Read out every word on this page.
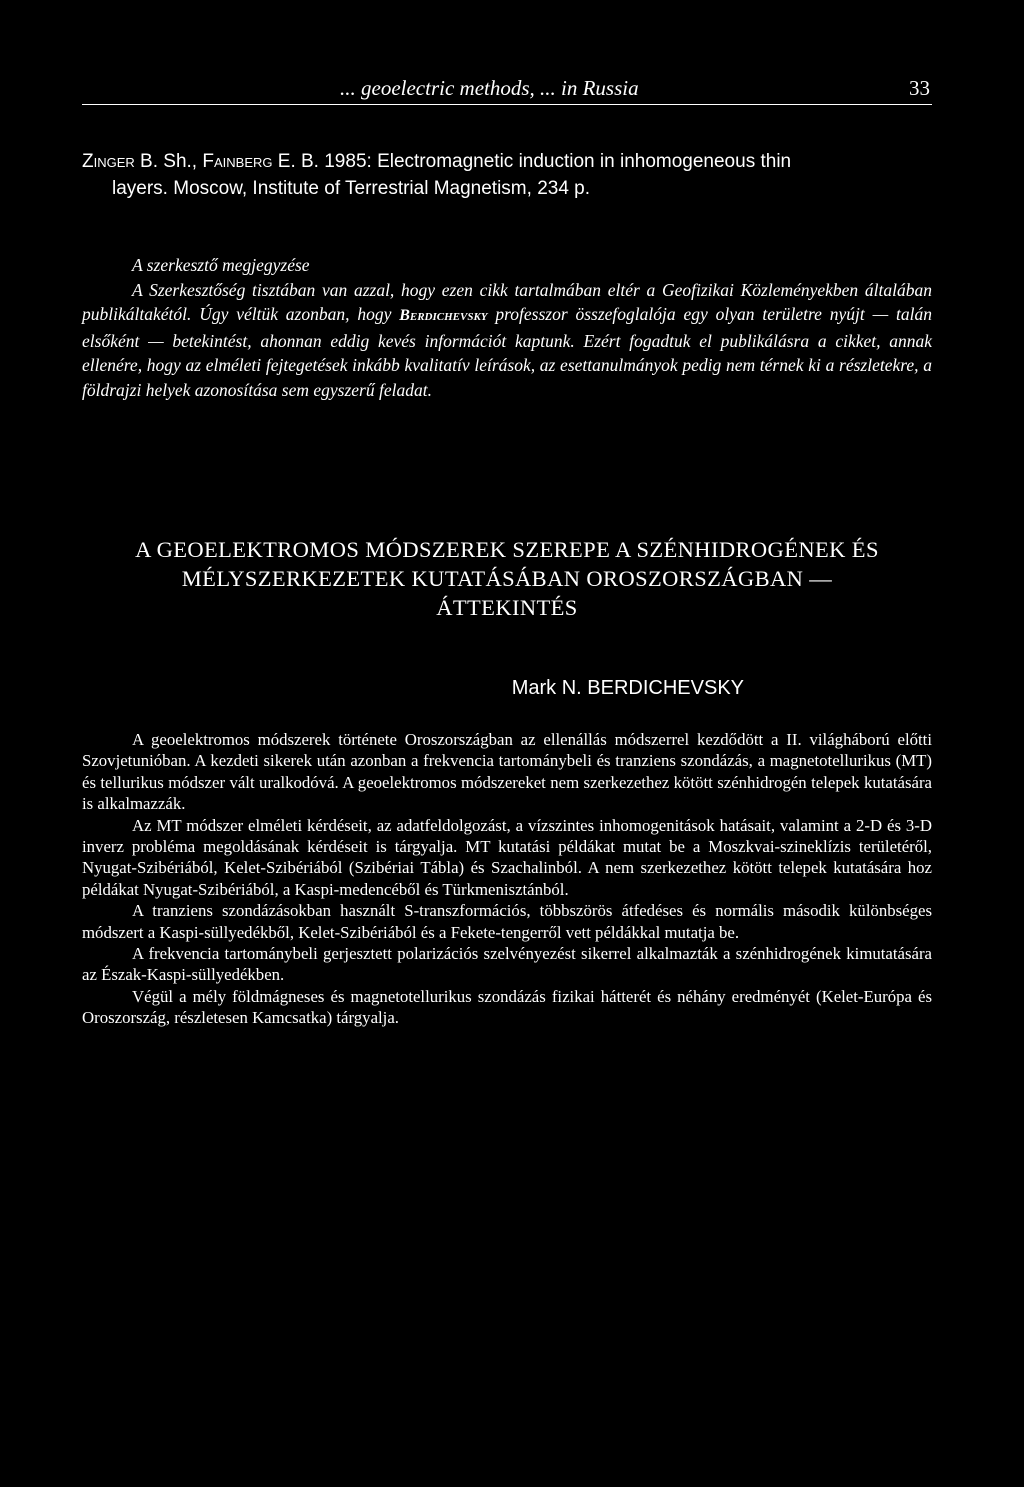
... geoelectric methods, ... in Russia	33
Zinger B. Sh., Fainberg E. B. 1985: Electromagnetic induction in inhomogeneous thin
layers. Moscow, Institute of Terrestrial Magnetism, 234 p.
A szerkesztő megjegyzése

A Szerkesztőség tisztában van azzal, hogy ezen cikk tartalmában eltér a Geofizikai Közleményekben általában publikáltakétól. Úgy véltük azonban, hogy Berdichevsky professzor összefoglalója egy olyan területre nyújt — talán elsőként — betekintést, ahonnan eddig kevés információt kaptunk. Ezért fogadtuk el publikálásra a cikket, annak ellenére, hogy az elméleti fejtegetések inkább kvalitatív leírások, az esettanulmányok pedig nem térnek ki a részletekre, a földrajzi helyek azonosítása sem egyszerű feladat.

A GEOELEKTROMOS MÓDSZEREK SZEREPE A SZÉNHIDROGÉNEK ÉS
MÉLYSZERKEZETEK KUTATÁSÁBAN OROSZORSZÁGBAN —
ÁTTEKINTÉS
Mark N. BERDICHEVSKY

A geoelektromos módszerek története Oroszországban az ellenállás módszerrel kezdődött a II. világháború előtti Szovjetunióban. A kezdeti sikerek után azonban a frekvencia tartománybeli és tranziens szondázás, a magnetotellurikus (MT) és tellurikus módszer vált uralkodóvá. A geoelektromos módszereket nem szerkezethez kötött szénhidrogén telepek kutatására is alkalmazzák.

Az MT módszer elméleti kérdéseit, az adatfeldolgozást, a vízszintes inhomogenitások hatásait, valamint a 2-D és 3-D inverz probléma megoldásának kérdéseit is tárgyalja. MT kutatási példákat mutat be a Moszkvai-szineklízis területéről, Nyugat-Szibériából, Kelet-Szibériából (Szibériai Tábla) és Szachalinból. A nem szerkezethez kötött telepek kutatására hoz példákat Nyugat-Szibériából, a Kaspi-medencéből és Türkmenisztánból.

A tranziens szondázásokban használt S-transzformációs, többszörös átfedéses és normális második különbséges módszert a Kaspi-süllyedékből, Kelet-Szibériából és a Fekete-tengerről vett példákkal mutatja be.

A frekvencia tartománybeli gerjesztett polarizációs szelvényezést sikerrel alkalmazták a szénhidrogének kimutatására az Észak-Kaspi-süllyedékben.

Végül a mély földmágneses és magnetotellurikus szondázás fizikai hátterét és néhány eredményét (Kelet-Európa és Oroszország, részletesen Kamcsatka) tárgyalja.
